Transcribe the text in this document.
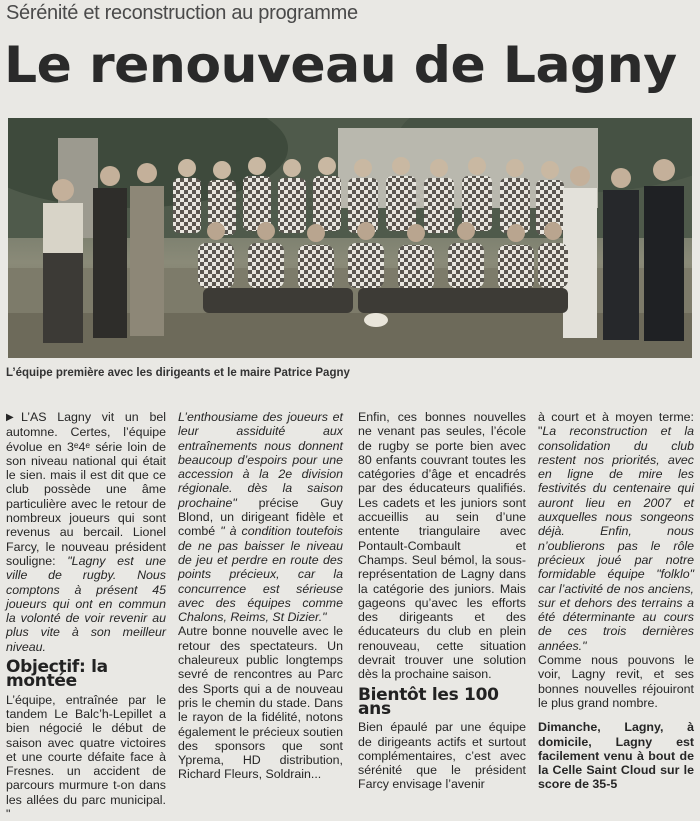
Sérénité et reconstruction au programme
Le renouveau de Lagny
L’équipe première avec les dirigeants et le maire Patrice Pagny

▶L’AS Lagny vit un bel automne. Certes, l’équipe évolue en 3ᵉ4ᵉ série loin de son niveau national qui était le sien. mais il est dit que ce club possède une âme particulière avec le retour de nombreux joueurs qui sont revenus au bercail. Lionel Farcy, le nouveau président souligne: "Lagny est une ville de rugby. Nous comptons à présent 45 joueurs qui ont en commun la volonté de voir revenir au plus vite à son meilleur niveau.

Objectif: la montée

L’équipe, entraînée par le tandem Le Balc’h-Lepillet a bien négocié le début de saison avec quatre victoires et une courte défaite face à Fresnes. un accident de parcours murmure t-on dans les allées du parc municipal. "

L’enthousiame des joueurs et leur assiduité aux entraînements nous donnent beaucoup d’espoirs pour une accession à la 2e division régionale. dès la saison prochaine" précise Guy Blond, un dirigeant fidèle et combé " à condition toutefois de ne pas baisser le niveau de jeu et perdre en route des points précieux, car la concurrence est sérieuse avec des équipes comme Chalons, Reims, St Dizier."

Autre bonne nouvelle avec le retour des spectateurs. Un chaleureux public longtemps sevré de rencontres au Parc des Sports qui a de nouveau pris le chemin du stade. Dans le rayon de la fidélité, notons également le précieux soutien des sponsors que sont Yprema, HD distribution, Richard Fleurs, Soldrain...

Enfin, ces bonnes nouvelles ne venant pas seules, l’école de rugby se porte bien avec 80 enfants couvrant toutes les catégories d’âge et encadrés par des éducateurs qualifiés. Les cadets et les juniors sont accueillis au sein d’une entente triangulaire avec Pontault-Combault et Champs. Seul bémol, la sous-représentation de Lagny dans la catégorie des juniors. Mais gageons qu’avec les efforts des dirigeants et des éducateurs du club en plein renouveau, cette situation devrait trouver une solution dès la prochaine saison.

Bientôt les 100 ans

Bien épaulé par une équipe de dirigeants actifs et surtout complémentaires, c’est avec sérénité que le président Farcy envisage l’avenir

à court et à moyen terme: "La reconstruction et la consolidation du club restent nos priorités, avec en ligne de mire les festivités du centenaire qui auront lieu en 2007 et auxquelles nous songeons déjà. Enfin, nous n’oublierons pas le rôle précieux joué par notre formidable équipe "folklo" car l’activité de nos anciens, sur et dehors des terrains a été déterminante au cours de ces trois dernières années."

Comme nous pouvons le voir, Lagny revit, et ses bonnes nouvelles réjouiront le plus grand nombre.

Dimanche, Lagny, à domicile, Lagny est facilement venu à bout de la Celle Saint Cloud sur le score de 35-5
